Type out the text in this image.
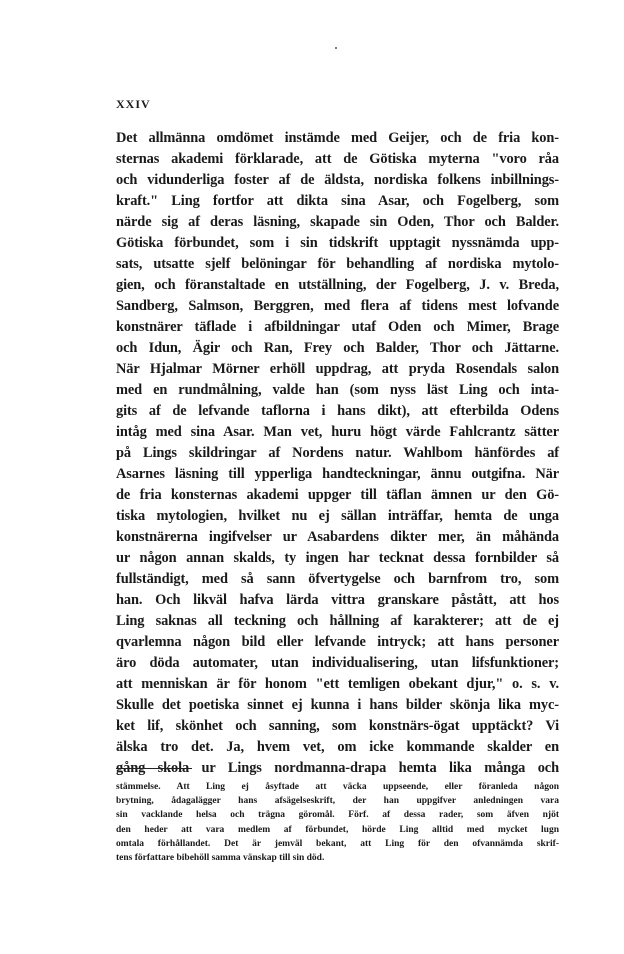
XXIV
Det allmänna omdömet instämde med Geijer, och de fria kon-
sternas akademi förklarade, att de Götiska myterna "voro råa
och vidunderliga foster af de äldsta, nordiska folkens inbillnings-
kraft." Ling fortfor att dikta sina Asar, och Fogelberg, som
närde sig af deras läsning, skapade sin Oden, Thor och Balder.
Götiska förbundet, som i sin tidskrift upptagit nyssnämda upp-
sats, utsatte sjelf belöningar för behandling af nordiska mytolo-
gien, och föranstaltade en utställning, der Fogelberg, J. v. Breda,
Sandberg, Salmson, Berggren, med flera af tidens mest lofvande
konstnärer täflade i afbildningar utaf Oden och Mimer, Brage
och Idun, Ägir och Ran, Frey och Balder, Thor och Jättarne.
När Hjalmar Mörner erhöll uppdrag, att pryda Rosendals salon
med en rundmålning, valde han (som nyss läst Ling och inta-
gits af de lefvande taflorna i hans dikt), att efterbilda Odens
intåg med sina Asar. Man vet, huru högt värde Fahlcrantz sätter
på Lings skildringar af Nordens natur. Wahlbom hänfördes af
Asarnes läsning till ypperliga handteckningar, ännu outgifna. När
de fria konsternas akademi uppger till täflan ämnen ur den Gö-
tiska mytologien, hvilket nu ej sällan inträffar, hemta de unga
konstnärerna ingifvelser ur Asabardens dikter mer, än måhända
ur någon annan skalds, ty ingen har tecknat dessa fornbilder så
fullständigt, med så sann öfvertygelse och barnfrom tro, som
han. Och likväl hafva lärda vittra granskare påstått, att hos
Ling saknas all teckning och hållning af karakterer; att de ej
qvarlemna någon bild eller lefvande intryck; att hans personer
äro döda automater, utan individualisering, utan lifsfunktioner;
att menniskan är för honom "ett temligen obekant djur," o. s. v.
Skulle det poetiska sinnet ej kunna i hans bilder skönja lika myc-
ket lif, skönhet och sanning, som konstnärs-ögat upptäckt? Vi
älska tro det. Ja, hvem vet, om icke kommande skalder en
gång skola ur Lings nordmanna-drapa hemta lika många och
stämmelse. Att Ling ej åsyftade att väcka uppseende, eller föranleda någon
brytning, ådagalägger hans afsägelseskrift, der han uppgifver anledningen vara
sin vacklande helsa och trägna göromål. Förf. af dessa rader, som äfven njöt
den heder att vara medlem af förbundet, hörde Ling alltid med mycket lugn
omtala förhållandet. Det är jemväl bekant, att Ling för den ofvannämda skrif-
tens författare bibehöll samma vänskap till sin död.
